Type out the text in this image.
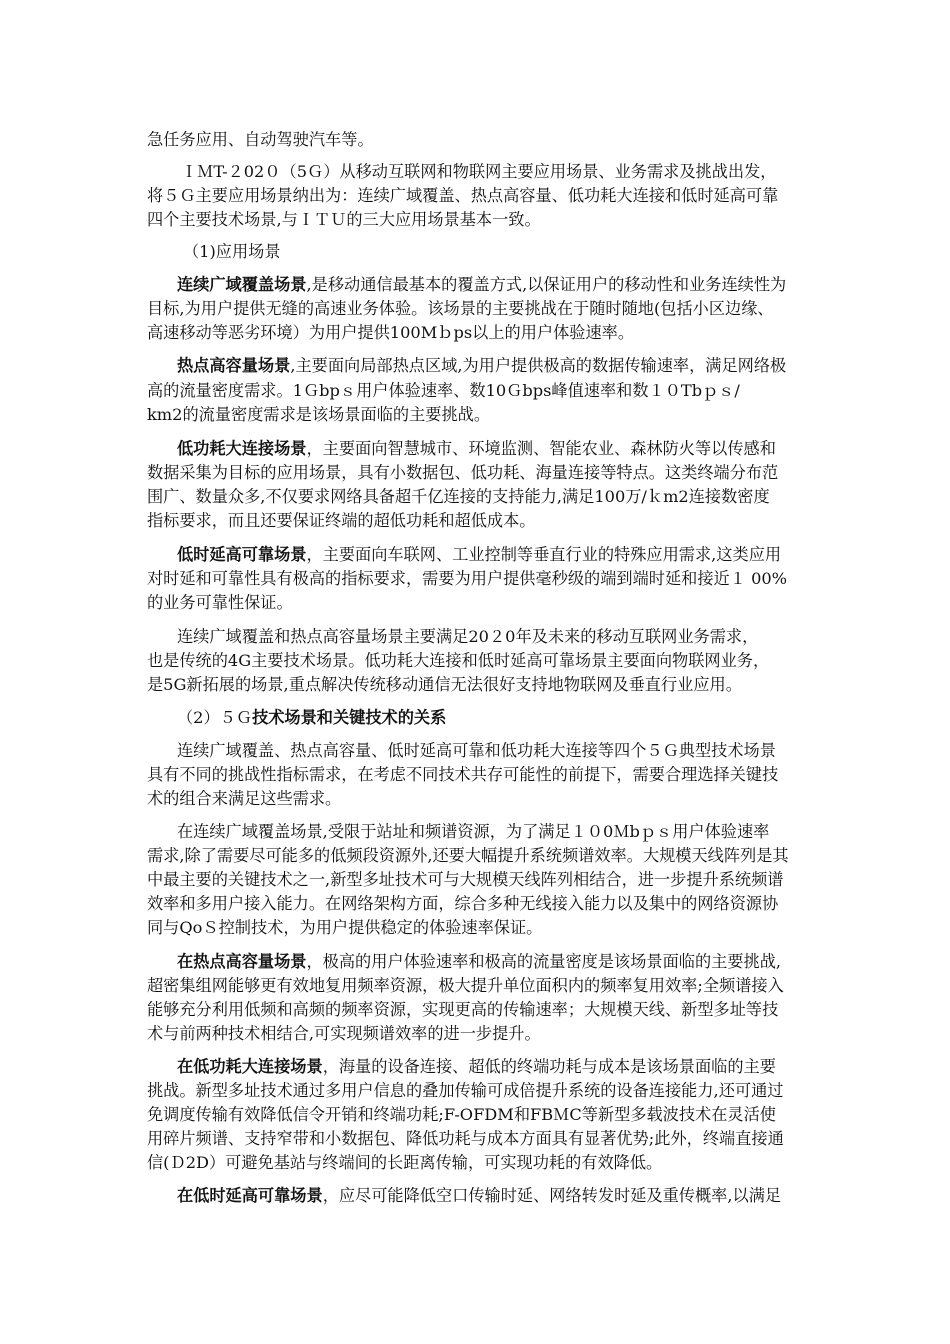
急任务应用、自动驾驶汽车等。
ＩＭT-２02０（5Ｇ）从移动互联网和物联网主要应用场景、业务需求及挑战出发，
将５Ｇ主要应用场景纳出为：连续广域覆盖、热点高容量、低功耗大连接和低时延高可靠
四个主要技术场景,与ＩＴＵ的三大应用场景基本一致。
（1)应用场景
连续广域覆盖场景,是移动通信最基本的覆盖方式,以保证用户的移动性和业务连续性为
目标,为用户提供无缝的高速业务体验。该场景的主要挑战在于随时随地(包括小区边缘、
高速移动等恶劣环境）为用户提供100Mｂps以上的用户体验速率。
热点高容量场景,主要面向局部热点区域,为用户提供极高的数据传输速率，满足网络极
高的流量密度需求。1Ｇbpｓ用户体验速率、数10Ｇbps峰值速率和数１０Tbｐｓ/
km2的流量密度需求是该场景面临的主要挑战。
低功耗大连接场景，主要面向智慧城市、环境监测、智能农业、森林防火等以传感和
数据采集为目标的应用场景，具有小数据包、低功耗、海量连接等特点。这类终端分布范
围广、数量众多,不仅要求网络具备超千亿连接的支持能力,满足100万/ｋm2连接数密度
指标要求，而且还要保证终端的超低功耗和超低成本。
低时延高可靠场景，主要面向车联网、工业控制等垂直行业的特殊应用需求,这类应用
对时延和可靠性具有极高的指标要求，需要为用户提供毫秒级的端到端时延和接近１ 00%
的业务可靠性保证。
连续广域覆盖和热点高容量场景主要满足20２0年及未来的移动互联网业务需求，
也是传统的4G主要技术场景。低功耗大连接和低时延高可靠场景主要面向物联网业务，
是5G新拓展的场景,重点解决传统移动通信无法很好支持地物联网及垂直行业应用。
（2）５Ｇ技术场景和关键技术的关系
连续广域覆盖、热点高容量、低时延高可靠和低功耗大连接等四个５Ｇ典型技术场景
具有不同的挑战性指标需求，在考虑不同技术共存可能性的前提下，需要合理选择关键技
术的组合来满足这些需求。
在连续广域覆盖场景,受限于站址和频谱资源，为了满足１０0Ｍbｐｓ用户体验速率
需求,除了需要尽可能多的低频段资源外,还要大幅提升系统频谱效率。大规模天线阵列是其
中最主要的关键技术之一,新型多址技术可与大规模天线阵列相结合，进一步提升系统频谱
效率和多用户接入能力。在网络架构方面，综合多种无线接入能力以及集中的网络资源协
同与QoＳ控制技术，为用户提供稳定的体验速率保证。
在热点高容量场景，极高的用户体验速率和极高的流量密度是该场景面临的主要挑战,
超密集组网能够更有效地复用频率资源，极大提升单位面积内的频率复用效率;全频谱接入
能够充分利用低频和高频的频率资源，实现更高的传输速率；大规模天线、新型多址等技
术与前两种技术相结合,可实现频谱效率的进一步提升。
在低功耗大连接场景，海量的设备连接、超低的终端功耗与成本是该场景面临的主要
挑战。新型多址技术通过多用户信息的叠加传输可成倍提升系统的设备连接能力,还可通过
免调度传输有效降低信令开销和终端功耗;F-OFDM和FBＭC等新型多载波技术在灵活使
用碎片频谱、支持窄带和小数据包、降低功耗与成本方面具有显著优势;此外，终端直接通
信(Ｄ2D）可避免基站与终端间的长距离传输，可实现功耗的有效降低。
在低时延高可靠场景，应尽可能降低空口传输时延、网络转发时延及重传概率,以满足
